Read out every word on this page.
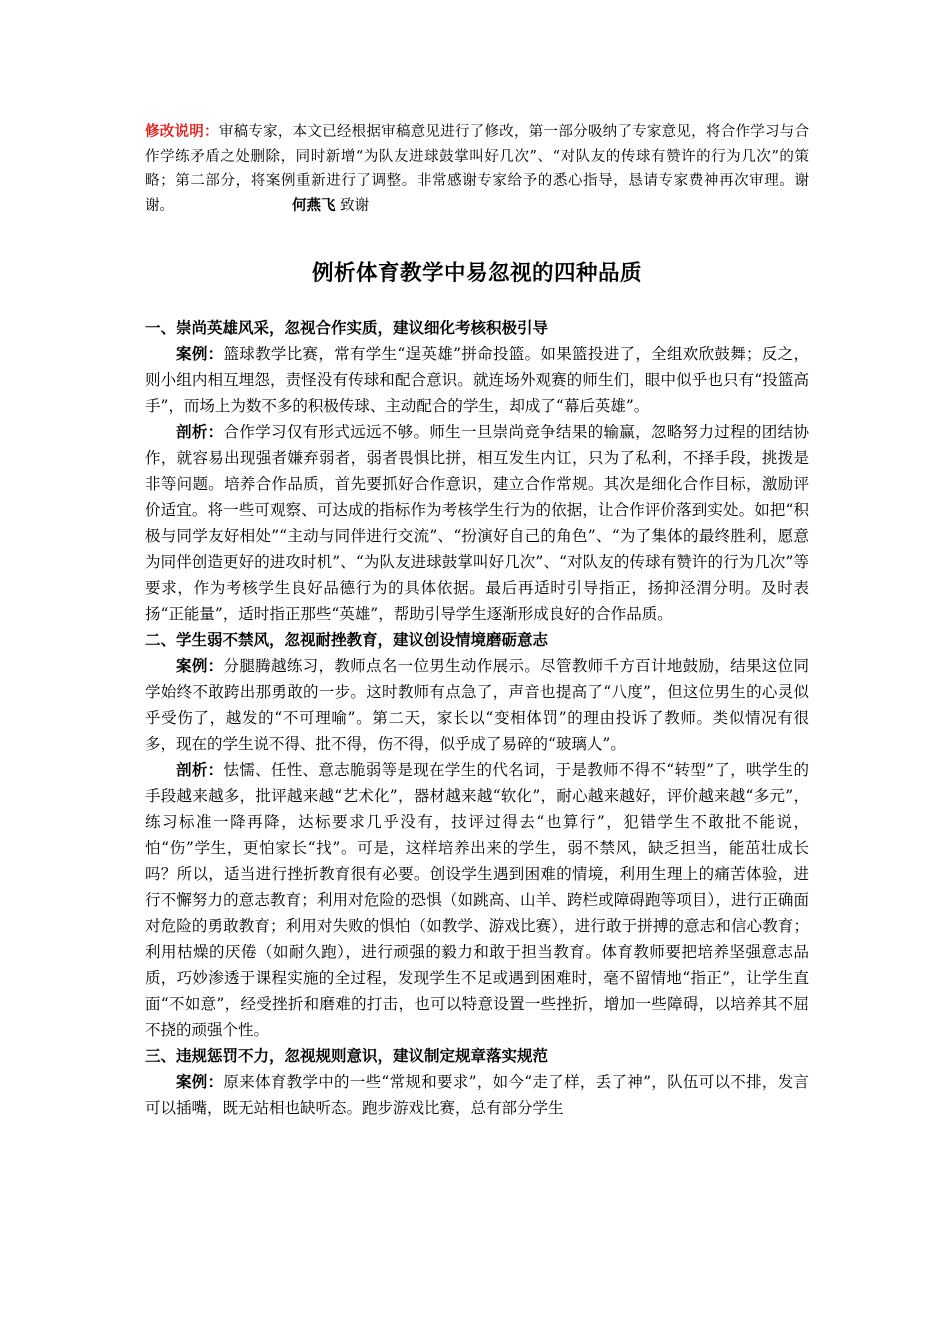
修改说明：审稿专家，本文已经根据审稿意见进行了修改，第一部分吸纳了专家意见，将合作学习与合作学练矛盾之处删除，同时新增“为队友进球鼓掌叫好几次”、“对队友的传球有赞许的行为几次”的策略；第二部分，将案例重新进行了调整。非常感谢专家给予的悉心指导，恳请专家费神再次审理。谢谢。	何燕飞 致谢

例析体育教学中易忽视的四种品质

一、崇尚英雄风采，忽视合作实质，建议细化考核积极引导

案例：篮球教学比赛，常有学生“逞英雄”拼命投篮。如果篮投进了，全组欢欣鼓舞；反之，则小组内相互埋怨，责怪没有传球和配合意识。就连场外观赛的师生们，眼中似乎也只有“投篮高手”，而场上为数不多的积极传球、主动配合的学生，却成了“幕后英雄”。

剖析：合作学习仅有形式远远不够。师生一旦崇尚竞争结果的输赢，忽略努力过程的团结协作，就容易出现强者嫌弃弱者，弱者畏惧比拼，相互发生内讧，只为了私利，不择手段，挑拨是非等问题。培养合作品质，首先要抓好合作意识，建立合作常规。其次是细化合作目标，激励评价适宜。将一些可观察、可达成的指标作为考核学生行为的依据，让合作评价落到实处。如把“积极与同学友好相处”“主动与同伴进行交流”、“扮演好自己的角色”、“为了集体的最终胜利，愿意为同伴创造更好的进攻时机”、“为队友进球鼓掌叫好几次”、“对队友的传球有赞许的行为几次”等要求，作为考核学生良好品德行为的具体依据。最后再适时引导指正，扬抑泾渭分明。及时表扬“正能量”，适时指正那些“英雄”，帮助引导学生逐渐形成良好的合作品质。

二、学生弱不禁风，忽视耐挫教育，建议创设情境磨砺意志

案例：分腿腾越练习，教师点名一位男生动作展示。尽管教师千方百计地鼓励，结果这位同学始终不敢跨出那勇敢的一步。这时教师有点急了，声音也提高了“八度”，但这位男生的心灵似乎受伤了，越发的“不可理喻”。第二天，家长以“变相体罚”的理由投诉了教师。类似情况有很多，现在的学生说不得、批不得，伤不得，似乎成了易碎的“玻璃人”。

剖析：怯懦、任性、意志脆弱等是现在学生的代名词，于是教师不得不“转型”了，哄学生的手段越来越多，批评越来越“艺术化”，器材越来越“软化”，耐心越来越好，评价越来越“多元”，练习标准一降再降，达标要求几乎没有，技评过得去“也算行”，犯错学生不敢批不能说，怕“伤”学生，更怕家长“找”。可是，这样培养出来的学生，弱不禁风，缺乏担当，能茁壮成长吗？所以，适当进行挫折教育很有必要。创设学生遇到困难的情境，利用生理上的痛苦体验，进行不懈努力的意志教育；利用对危险的恐惧（如跳高、山羊、跨栏或障碍跑等项目），进行正确面对危险的勇敢教育；利用对失败的惧怕（如教学、游戏比赛），进行敢于拼搏的意志和信心教育；利用枯燥的厌倦（如耐久跑），进行顽强的毅力和敢于担当教育。体育教师要把培养坚强意志品质，巧妙渗透于课程实施的全过程，发现学生不足或遇到困难时，毫不留情地“指正”，让学生直面“不如意”，经受挫折和磨难的打击，也可以特意设置一些挫折，增加一些障碍，以培养其不屈不挠的顽强个性。

三、违规惩罚不力，忽视规则意识，建议制定规章落实规范

案例：原来体育教学中的一些“常规和要求”，如今“走了样，丢了神”，队伍可以不排，发言可以插嘴，既无站相也缺听态。跑步游戏比赛，总有部分学生
